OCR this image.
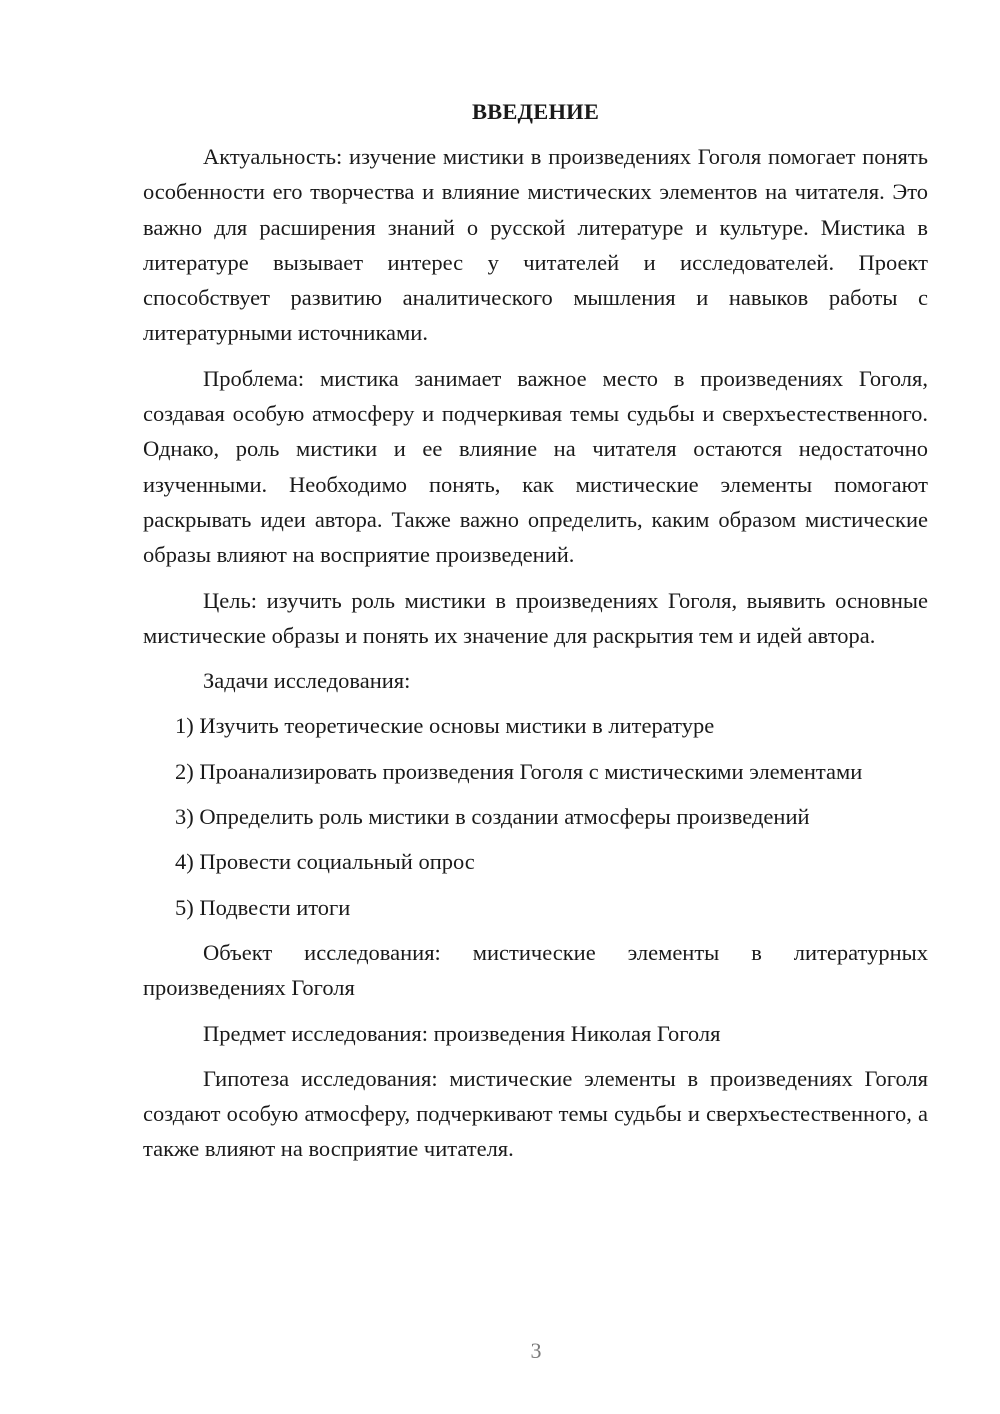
ВВЕДЕНИЕ

Актуальность: изучение мистики в произведениях Гоголя помогает понять особенности его творчества и влияние мистических элементов на читателя. Это важно для расширения знаний о русской литературе и культуре. Мистика в литературе вызывает интерес у читателей и исследователей. Проект способствует развитию аналитического мышления и навыков работы с литературными источниками.

Проблема: мистика занимает важное место в произведениях Гоголя, создавая особую атмосферу и подчеркивая темы судьбы и сверхъестественного. Однако, роль мистики и ее влияние на читателя остаются недостаточно изученными. Необходимо понять, как мистические элементы помогают раскрывать идеи автора. Также важно определить, каким образом мистические образы влияют на восприятие произведений.

Цель: изучить роль мистики в произведениях Гоголя, выявить основные мистические образы и понять их значение для раскрытия тем и идей автора.

Задачи исследования:

1) Изучить теоретические основы мистики в литературе

2) Проанализировать произведения Гоголя с мистическими элементами

3) Определить роль мистики в создании атмосферы произведений

4) Провести социальный опрос

5) Подвести итоги

Объект исследования: мистические элементы в литературных произведениях Гоголя

Предмет исследования: произведения Николая Гоголя

Гипотеза исследования: мистические элементы в произведениях Гоголя создают особую атмосферу, подчеркивают темы судьбы и сверхъестественного, а также влияют на восприятие читателя.

3
